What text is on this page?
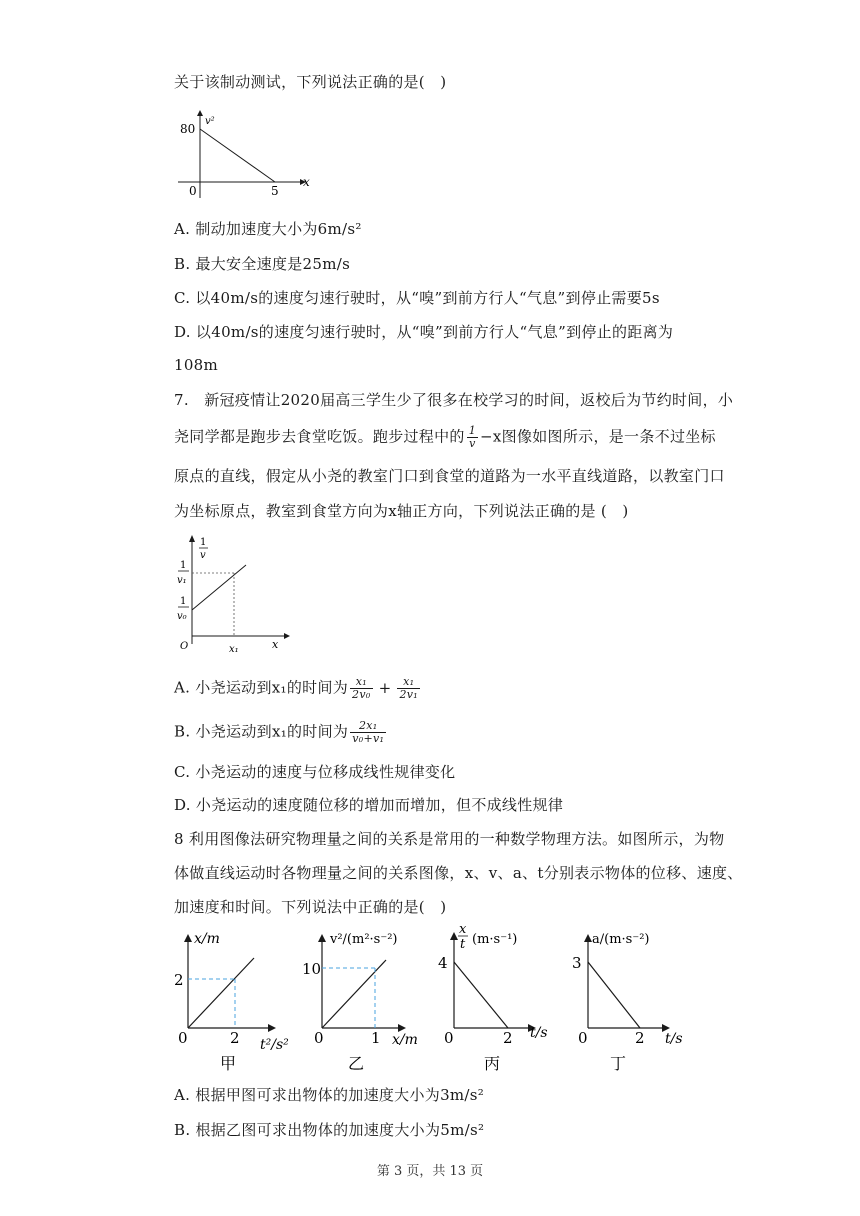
关于该制动测试，下列说法正确的是(　)
v²
80
0	5
x
A. 制动加速度大小为6m/s²
B. 最大安全速度是25m/s
C. 以40m/s的速度匀速行驶时，从“嗅”到前方行人“气息”到停止需要5s
D. 以40m/s的速度匀速行驶时，从“嗅”到前方行人“气息”到停止的距离为
108m
7.　新冠疫情让2020届高三学生少了很多在校学习的时间，返校后为节约时间，小
尧同学都是跑步去食堂吃饭。跑步过程中的 $\frac{1}{v} -x$图像如图所示，是一条不过坐标
原点的直线，假定从小尧的教室门口到食堂的道路为一水平直线道路，以教室门口
为坐标原点，教室到食堂方向为x轴正方向，下列说法正确的是 (　)
1
v
1
v₁
1
v₀
O	x₁	x
A. 小尧运动到x₁的时间为 $\frac{\text{x₁}}{\text{2v₀}} + \frac{\text{x₁}}{\text{2v₁}}$
B. 小尧运动到x₁的时间为 $\frac{\text{2x₁}}{\text{v₀+v₁}}$
C. 小尧运动的速度与位移成线性规律变化
D. 小尧运动的速度随位移的增加而增加，但不成线性规律
8 利用图像法研究物理量之间的关系是常用的一种数学物理方法。如图所示，为物
体做直线运动时各物理量之间的关系图像，x、v、a、t分别表示物体的位移、速度、
加速度和时间。下列说法中正确的是(　)
x/m
2
0	2 t²/s²
甲
v²/(m²·s⁻²)
10
0	1 x/m
乙
x
t (m·s⁻¹)
4
0	2 t/s
丙
a/(m·s⁻²)
3
0	2 t/s
丁
A. 根据甲图可求出物体的加速度大小为3m/s²
B. 根据乙图可求出物体的加速度大小为5m/s²
第 3 页，共 13 页
